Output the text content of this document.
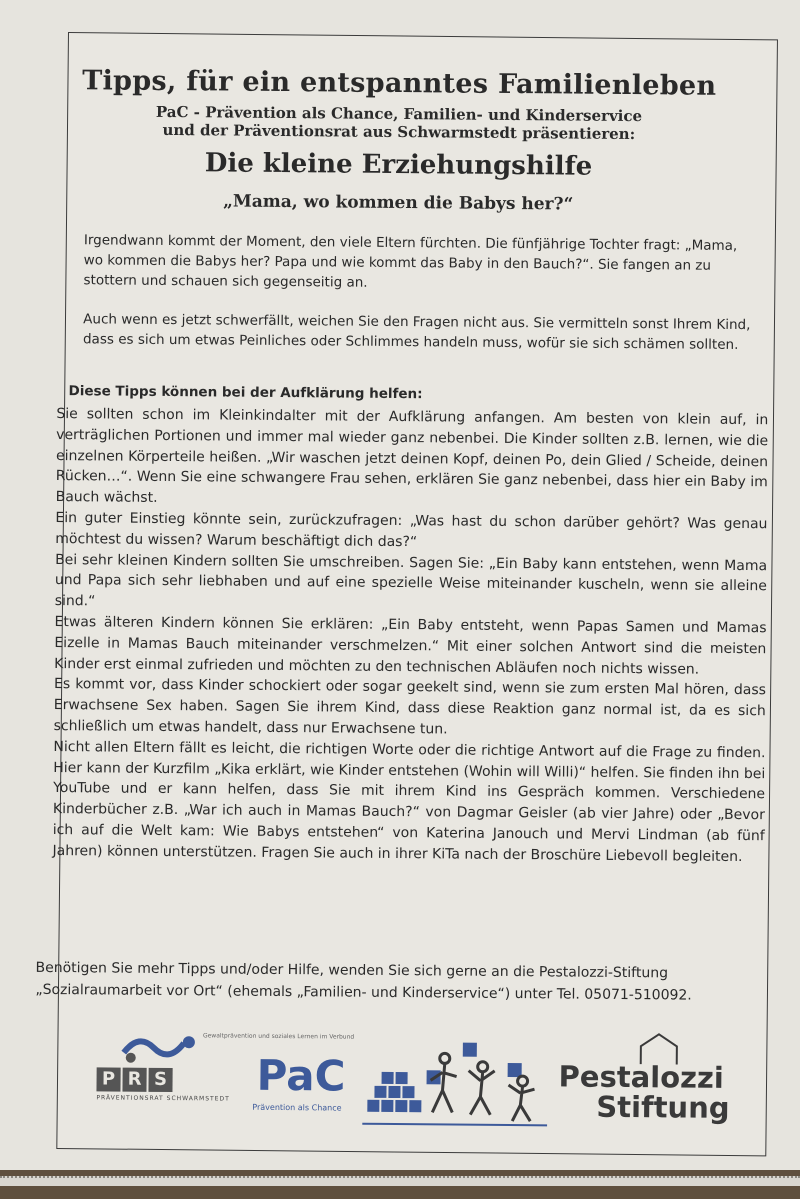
Tipps, für ein entspanntes Familienleben
PaC - Prävention als Chance, Familien- und Kinderservice
und der Präventionsrat aus Schwarmstedt präsentieren:
Die kleine Erziehungshilfe
„Mama, wo kommen die Babys her?“

Irgendwann kommt der Moment, den viele Eltern fürchten. Die fünfjährige Tochter fragt: „Mama, wo kommen die Babys her? Papa und wie kommt das Baby in den Bauch?“. Sie fangen an zu stottern und schauen sich gegenseitig an.

Auch wenn es jetzt schwerfällt, weichen Sie den Fragen nicht aus. Sie vermitteln sonst Ihrem Kind, dass es sich um etwas Peinliches oder Schlimmes handeln muss, wofür sie sich schämen sollten.

Diese Tipps können bei der Aufklärung helfen:

Sie sollten schon im Kleinkindalter mit der Aufklärung anfangen. Am besten von klein auf, in verträglichen Portionen und immer mal wieder ganz nebenbei. Die Kinder sollten z.B. lernen, wie die einzelnen Körperteile heißen. „Wir waschen jetzt deinen Kopf, deinen Po, dein Glied / Scheide, deinen Rücken…“. Wenn Sie eine schwangere Frau sehen, erklären Sie ganz nebenbei, dass hier ein Baby im Bauch wächst.

Ein guter Einstieg könnte sein, zurückzufragen: „Was hast du schon darüber gehört? Was genau möchtest du wissen? Warum beschäftigt dich das?“

Bei sehr kleinen Kindern sollten Sie umschreiben. Sagen Sie: „Ein Baby kann entstehen, wenn Mama und Papa sich sehr liebhaben und auf eine spezielle Weise miteinander kuscheln, wenn sie alleine sind.“

Etwas älteren Kindern können Sie erklären: „Ein Baby entsteht, wenn Papas Samen und Mamas Eizelle in Mamas Bauch miteinander verschmelzen.“ Mit einer solchen Antwort sind die meisten Kinder erst einmal zufrieden und möchten zu den technischen Abläufen noch nichts wissen.

Es kommt vor, dass Kinder schockiert oder sogar geekelt sind, wenn sie zum ersten Mal hören, dass Erwachsene Sex haben. Sagen Sie ihrem Kind, dass diese Reaktion ganz normal ist, da es sich schließlich um etwas handelt, dass nur Erwachsene tun.

Nicht allen Eltern fällt es leicht, die richtigen Worte oder die richtige Antwort auf die Frage zu finden. Hier kann der Kurzfilm „Kika erklärt, wie Kinder entstehen (Wohin will Willi)“ helfen. Sie finden ihn bei YouTube und er kann helfen, dass Sie mit ihrem Kind ins Gespräch kommen. Verschiedene Kinderbücher z.B. „War ich auch in Mamas Bauch?“ von Dagmar Geisler (ab vier Jahre) oder „Bevor ich auf die Welt kam: Wie Babys entstehen“ von Katerina Janouch und Mervi Lindman (ab fünf Jahren) können unterstützen. Fragen Sie auch in ihrer KiTa nach der Broschüre Liebevoll begleiten.

Benötigen Sie mehr Tipps und/oder Hilfe, wenden Sie sich gerne an die Pestalozzi-Stiftung „Sozialraumarbeit vor Ort“ (ehemals „Familien- und Kinderservice“) unter Tel. 05071-510092.

Gewaltprävention und soziales Lernen im Verbund
P R S
PRÄVENTIONSRAT SCHWARMSTEDT PaC
Prävention als Chance
Pestalozzi
Stiftung
